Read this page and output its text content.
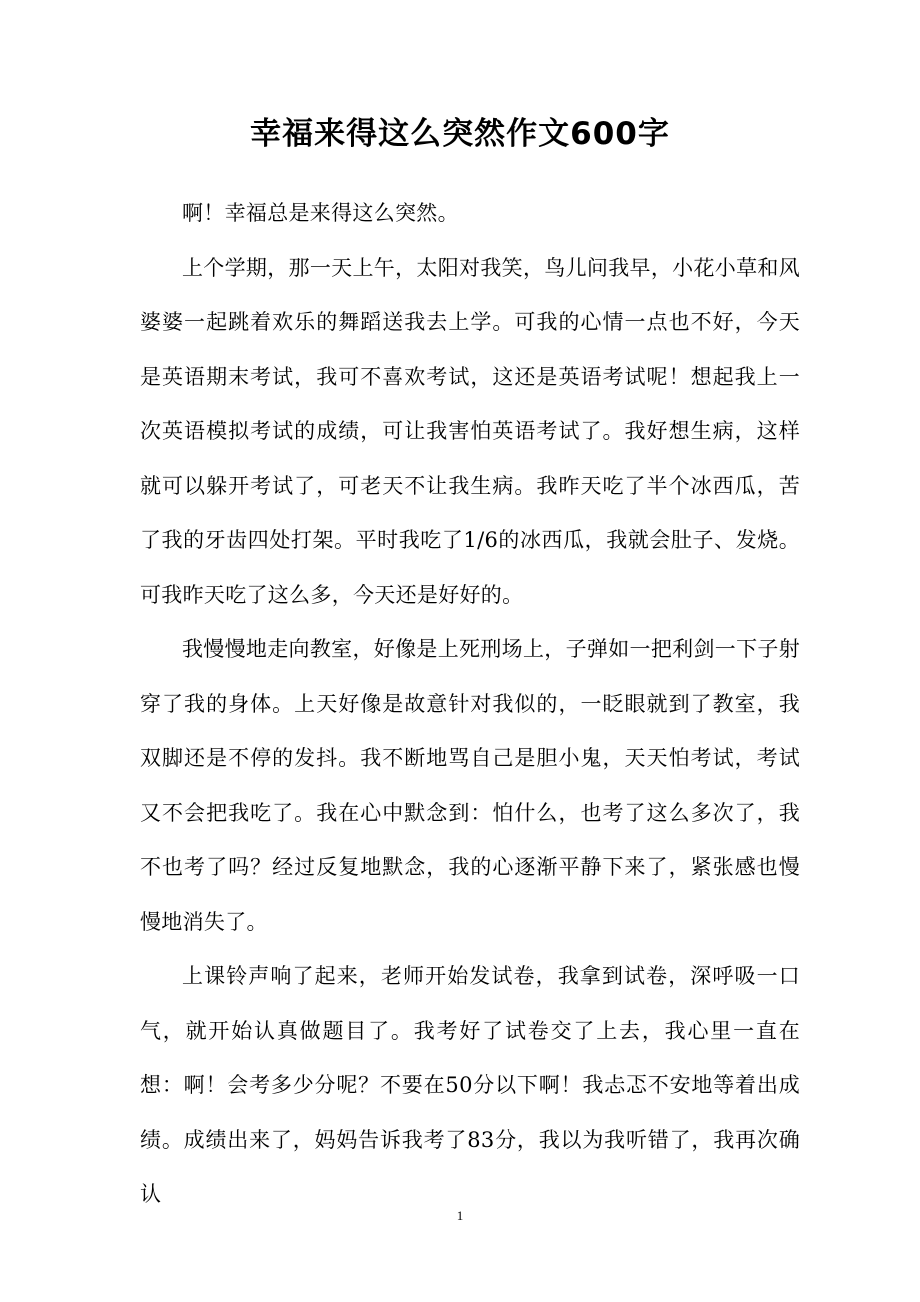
幸福来得这么突然作文600字

啊！幸福总是来得这么突然。

上个学期，那一天上午，太阳对我笑，鸟儿问我早，小花小草和风婆婆一起跳着欢乐的舞蹈送我去上学。可我的心情一点也不好，今天是英语期末考试，我可不喜欢考试，这还是英语考试呢！想起我上一次英语模拟考试的成绩，可让我害怕英语考试了。我好想生病，这样就可以躲开考试了，可老天不让我生病。我昨天吃了半个冰西瓜，苦了我的牙齿四处打架。平时我吃了1/6的冰西瓜，我就会肚子、发烧。可我昨天吃了这么多，今天还是好好的。

我慢慢地走向教室，好像是上死刑场上，子弹如一把利剑一下子射穿了我的身体。上天好像是故意针对我似的，一眨眼就到了教室，我双脚还是不停的发抖。我不断地骂自己是胆小鬼，天天怕考试，考试又不会把我吃了。我在心中默念到：怕什么，也考了这么多次了，我不也考了吗？经过反复地默念，我的心逐渐平静下来了，紧张感也慢慢地消失了。

上课铃声响了起来，老师开始发试卷，我拿到试卷，深呼吸一口气，就开始认真做题目了。我考好了试卷交了上去，我心里一直在想：啊！会考多少分呢？不要在50分以下啊！我忐忑不安地等着出成绩。成绩出来了，妈妈告诉我考了83分，我以为我听错了，我再次确认

1
